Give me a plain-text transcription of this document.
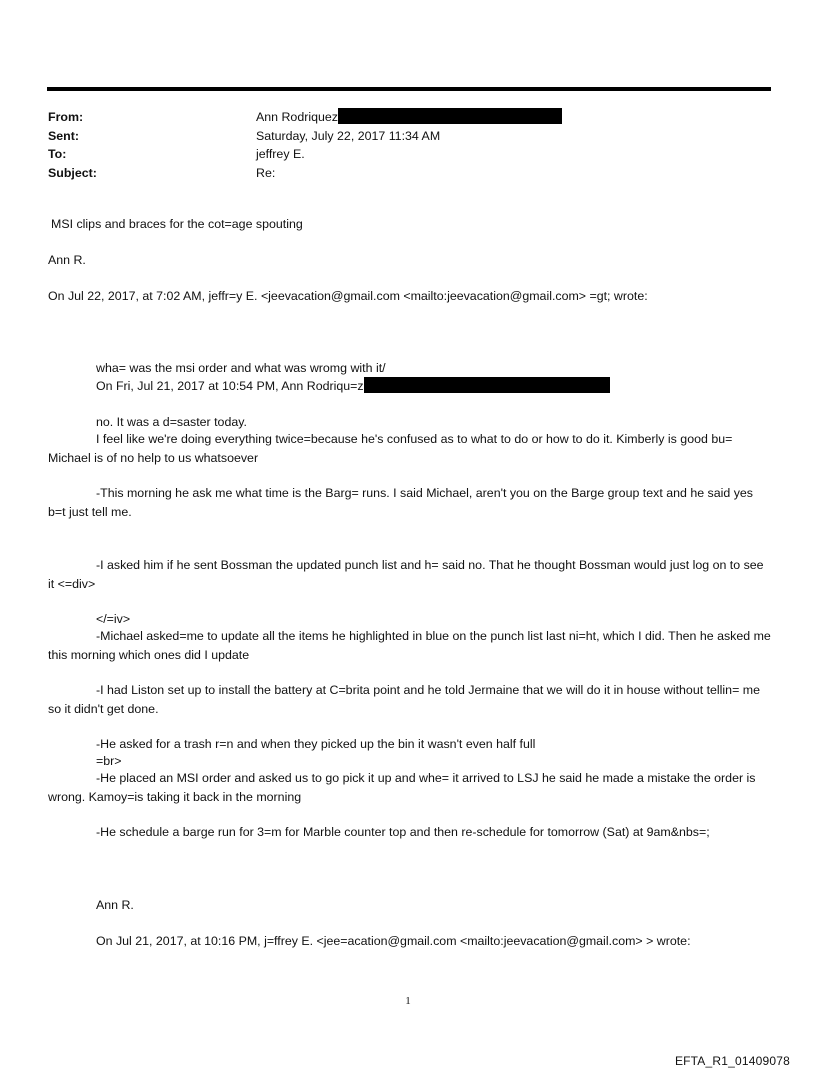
From:	Ann Rodriquez
Sent:	Saturday, July 22, 2017 11:34 AM
To:	jeffrey E.
Subject:	Re:
MSI clips and braces for the cot=age spouting
Ann R.
On Jul 22, 2017, at 7:02 AM, jeffr=y E. <jeevacation@gmail.com <mailto:jeevacation@gmail.com> =gt; wrote:
wha= was the msi order and what was wromg with it/
On Fri, Jul 21, 2017 at 10:54 PM, Ann Rodriqu=z
no. It was a d=saster today.
I feel like we're doing everything twice=because he's confused as to what to do or how to do it. Kimberly is good bu= Michael is of no help to us whatsoever
-This morning he ask me what time is the Barg= runs. I said Michael, aren't you on the Barge group text and he said yes b=t just tell me.
-I asked him if he sent Bossman the updated punch list and h= said no. That he thought Bossman would just log on to see it <=div>
</=iv>
-Michael asked=me to update all the items he highlighted in blue on the punch list last ni=ht, which I did. Then he asked me this morning which ones did I update
-I had Liston set up to install the battery at C=brita point and he told Jermaine that we will do it in house without tellin= me so it didn't get done.
-He asked for a trash r=n and when they picked up the bin it wasn't even half full
=br>
-He placed an MSI order and asked us to go pick it up and whe= it arrived to LSJ he said he made a mistake the order is wrong. Kamoy=is taking it back in the morning
-He schedule a barge run for 3=m for Marble counter top and then re-schedule for tomorrow (Sat) at 9am&nbs=;
Ann R.
On Jul 21, 2017, at 10:16 PM, j=ffrey E. <jee=acation@gmail.com <mailto:jeevacation@gmail.com> > wrote:
1
EFTA_R1_01409078
